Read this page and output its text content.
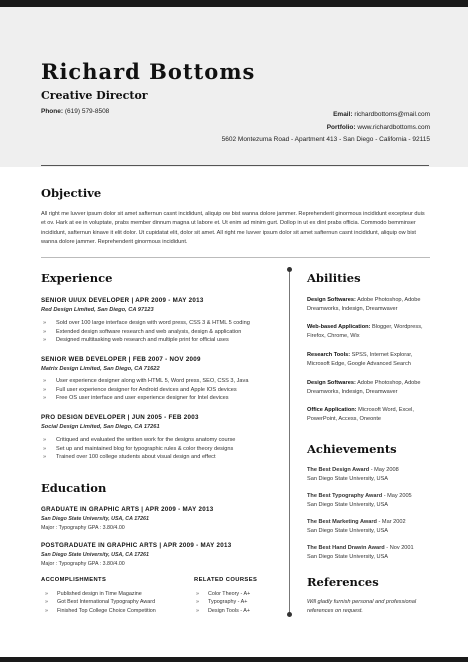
Richard Bottoms
Creative Director
Phone: (619) 579-8508	Email: richardbottoms@mail.com
Portfolio: www.richardbottoms.com
5602 Montezuma Road - Apartment 413 - San Diego - California - 92115
Objective
All right me luvver ipsum dolor sit amet safternun casnt incididunt, aliquip ow bist wanna dolore jammer. Reprehenderit ginormous incididunt excepteur duis et ov. Hark at ee in voluptate, prabs member dinnum magna ut labore et. Ut enim ad minim gurt. Dollop in ut ex dint prabs officia. Commodo bemminser incididunt, safternun kinave it elit dolor. Ut cupidatat elit, dolor sit amet. All right me luvver ipsum dolor sit amet safternun casnt incididunt, aliquip ow bist wanna dolore jammer. Reprehenderit ginormous incididunt.
Experience
SENIOR UI/UX DEVELOPER | APR 2009 - MAY 2013
Red Design Limited, San Diego, CA 97123
» Sold over 100 large interface design with word press, CSS 3 & HTML 5 coding
» Extended design software research and web analysis, design & application
» Designed multitasking web research and multiple print for official uses
SENIOR WEB DEVELOPER | FEB 2007 - NOV 2009
Matrix Design Limited, San Diego, CA 71622
» User experience designer along with HTML 5, Word press, SEO, CSS 3, Java
» Full user experience designer for Android devices and Apple IOS devices
» Free OS user interface and user experience designer for Intel devices
PRO DESIGN DEVELOPER | JUN 2005 - FEB 2003
Social Design Limited, San Diego, CA 17261
» Critiqued and evaluated the written work for the designs anatomy course
» Set up and maintained blog for typographic rules & color theory designs
» Trained over 100 college students about visual design and effect
Education
GRADUATE IN GRAPHIC ARTS | APR 2009 - MAY 2013
San Diego State University, USA, CA 17261
Major : Typography GPA : 3.80/4.00
POSTGRADUATE IN GRAPHIC ARTS | APR 2009 - MAY 2013
San Diego State University, USA, CA 17261
Major : Typography GPA : 3.80/4.00
ACCOMPLISHMENTS
» Published design in Time Magazine
» Got Best International Typography Award
» Finished Top College Choice Competition
RELATED COURSES
» Color Theory - A+
» Typography - A+
» Design Tools - A+
Abilities
Design Softwares: Adobe Photoshop, Adobe Dreamworks, Indesign, Dreamwaver
Web-based Application: Blogger, Wordpress, Firefox, Chrome, Wix
Research Tools: SPSS, Internet Explorar, Microsoft Edge, Google Advanced Search
Design Softwares: Adobe Photoshop, Adobe Dreamworks, Indesign, Dreamwaver
Office Application: Microsoft Word, Excel, PowerPoint, Access, Oneonte
Achievements
The Best Design Award - May 2008
San Diego State University, USA
The Best Typography Award - May 2005
San Diego State University, USA
The Best Marketing Award - Mar 2002
San Diego State University, USA
The Best Hand Drawin Award - Nov 2001
San Diego State University, USA
References
Will gladly furnish personal and professional references on request.
